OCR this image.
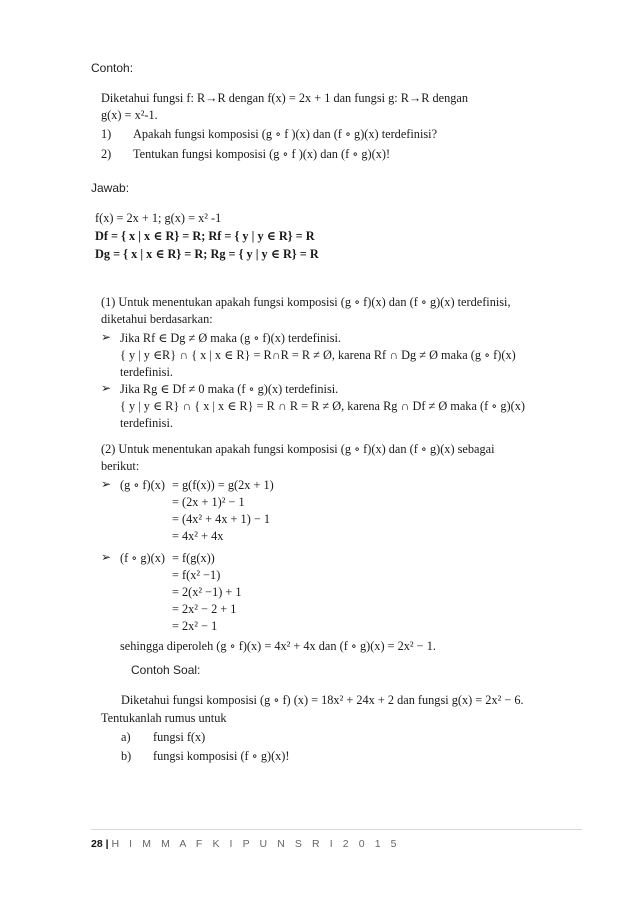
Contoh:
Diketahui fungsi f: R→R dengan f(x) = 2x + 1 dan fungsi g: R→R dengan
g(x) = x²-1.
1) Apakah fungsi komposisi (g ∘ f )(x) dan (f ∘ g)(x) terdefinisi?
2) Tentukan fungsi komposisi (g ∘ f )(x) dan (f ∘ g)(x)!
Jawab:
f(x) = 2x + 1; g(x) = x² -1
Df = { x | x ∈ R} = R; Rf = { y | y ∈ R} = R
Dg = { x | x ∈ R} = R; Rg = { y | y ∈ R} = R
(1) Untuk menentukan apakah fungsi komposisi (g ∘ f)(x) dan (f ∘ g)(x) terdefinisi,
diketahui berdasarkan:
➢ Jika Rf ∈ Dg ≠ Ø maka (g ∘ f)(x) terdefinisi.
{ y | y ∈R} ∩ { x | x ∈ R} = R∩R = R ≠ Ø, karena Rf ∩ Dg ≠ Ø maka (g ∘ f)(x)
terdefinisi.
➢ Jika Rg ∈ Df ≠ 0 maka (f ∘ g)(x) terdefinisi.
{ y | y ∈ R} ∩ { x | x ∈ R} = R ∩ R = R ≠ Ø, karena Rg ∩ Df ≠ Ø maka (f ∘ g)(x)
terdefinisi.
(2) Untuk menentukan apakah fungsi komposisi (g ∘ f)(x) dan (f ∘ g)(x) sebagai
berikut:
➢ (g ∘ f)(x) = g(f(x)) = g(2x + 1)
= (2x + 1)² − 1
= (4x² + 4x + 1) − 1
= 4x² + 4x
➢ (f ∘ g)(x) = f(g(x))
= f(x² −1)
= 2(x² −1) + 1
= 2x² − 2 + 1
= 2x² − 1
sehingga diperoleh (g ∘ f)(x) = 4x² + 4x dan (f ∘ g)(x) = 2x² − 1.
Contoh Soal:
Diketahui fungsi komposisi (g ∘ f) (x) = 18x² + 24x + 2 dan fungsi g(x) = 2x² − 6.
Tentukanlah rumus untuk
a) fungsi f(x)
b) fungsi komposisi (f ∘ g)(x)!
28 | H I M M A F K I P U N S R I 2 0 1 5
